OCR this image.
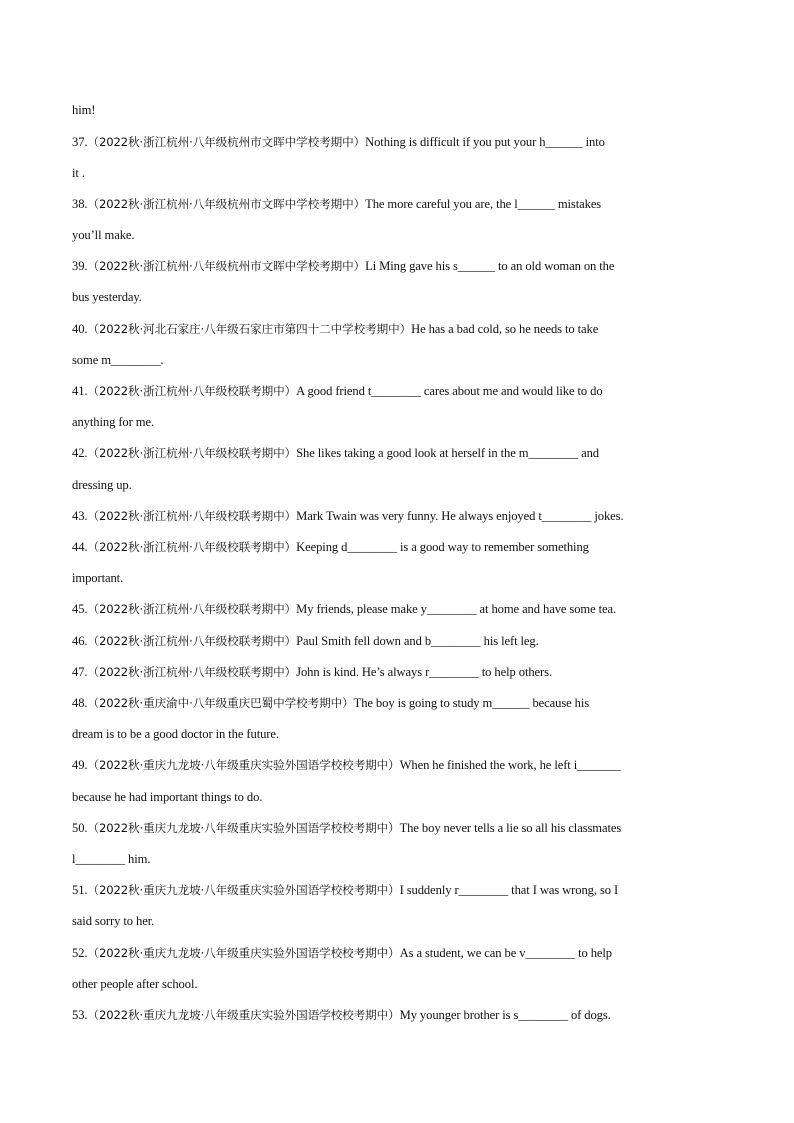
him!
37.（2022秋·浙江杭州·八年级杭州市文晖中学校考期中）Nothing is difficult if you put your h______ into
it .
38.（2022秋·浙江杭州·八年级杭州市文晖中学校考期中）The more careful you are, the l______ mistakes
you’ll make.
39.（2022秋·浙江杭州·八年级杭州市文晖中学校考期中）Li Ming gave his s______ to an old woman on the
bus yesterday.
40.（2022秋·河北石家庄·八年级石家庄市第四十二中学校考期中）He has a bad cold, so he needs to take
some m________.
41.（2022秋·浙江杭州·八年级校联考期中）A good friend t________ cares about me and would like to do
anything for me.
42.（2022秋·浙江杭州·八年级校联考期中）She likes taking a good look at herself in the m________ and
dressing up.
43.（2022秋·浙江杭州·八年级校联考期中）Mark Twain was very funny. He always enjoyed t________ jokes.
44.（2022秋·浙江杭州·八年级校联考期中）Keeping d________ is a good way to remember something
important.
45.（2022秋·浙江杭州·八年级校联考期中）My friends, please make y________ at home and have some tea.
46.（2022秋·浙江杭州·八年级校联考期中）Paul Smith fell down and b________ his left leg.
47.（2022秋·浙江杭州·八年级校联考期中）John is kind. He’s always r________ to help others.
48.（2022秋·重庆渝中·八年级重庆巴蜀中学校考期中）The boy is going to study m______ because his
dream is to be a good doctor in the future.
49.（2022秋·重庆九龙坡·八年级重庆实验外国语学校校考期中）When he finished the work, he left i_______
because he had important things to do.
50.（2022秋·重庆九龙坡·八年级重庆实验外国语学校校考期中）The boy never tells a lie so all his classmates
l________ him.
51.（2022秋·重庆九龙坡·八年级重庆实验外国语学校校考期中）I suddenly r________ that I was wrong, so I
said sorry to her.
52.（2022秋·重庆九龙坡·八年级重庆实验外国语学校校考期中）As a student, we can be v________ to help
other people after school.
53.（2022秋·重庆九龙坡·八年级重庆实验外国语学校校考期中）My younger brother is s________ of dogs.
